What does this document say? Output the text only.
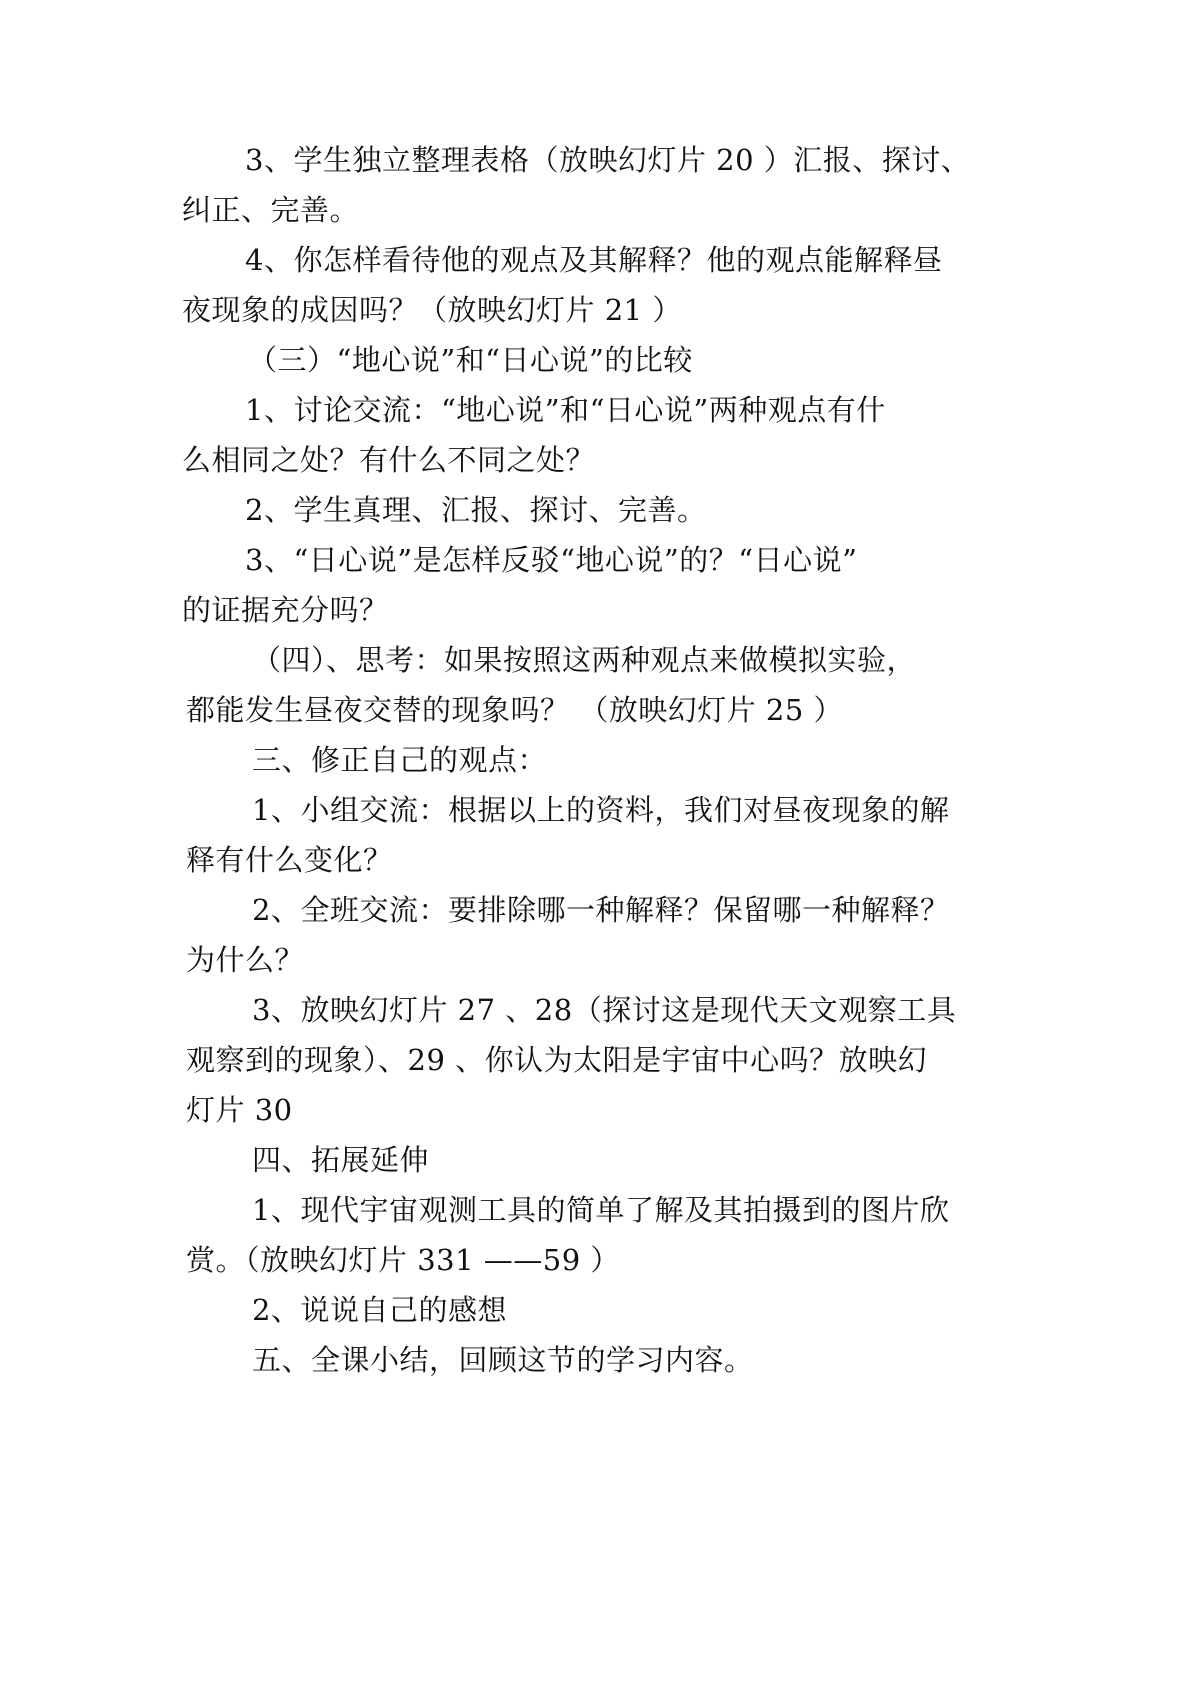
3、学生独立整理表格（放映幻灯片 20 ）汇报、探讨、
纠正、完善。
4、你怎样看待他的观点及其解释？他的观点能解释昼
夜现象的成因吗？（放映幻灯片 21 ）
（三）“地心说”和“日心说”的比较
1、讨论交流：“地心说”和“日心说”两种观点有什
么相同之处？有什么不同之处？
2、学生真理、汇报、探讨、完善。
3、“日心说”是怎样反驳“地心说”的？“日心说”
的证据充分吗？
（四）、思考：如果按照这两种观点来做模拟实验，
都能发生昼夜交替的现象吗？ （放映幻灯片 25 ）
三、修正自己的观点：
1、小组交流：根据以上的资料，我们对昼夜现象的解
释有什么变化？
2、全班交流：要排除哪一种解释？保留哪一种解释？
为什么？
3、放映幻灯片 27 、28（探讨这是现代天文观察工具
观察到的现象）、29 、你认为太阳是宇宙中心吗？放映幻
灯片 30
四、拓展延伸
1、现代宇宙观测工具的简单了解及其拍摄到的图片欣
赏。（放映幻灯片 331 ——59 ）
2、说说自己的感想
五、全课小结，回顾这节的学习内容。
